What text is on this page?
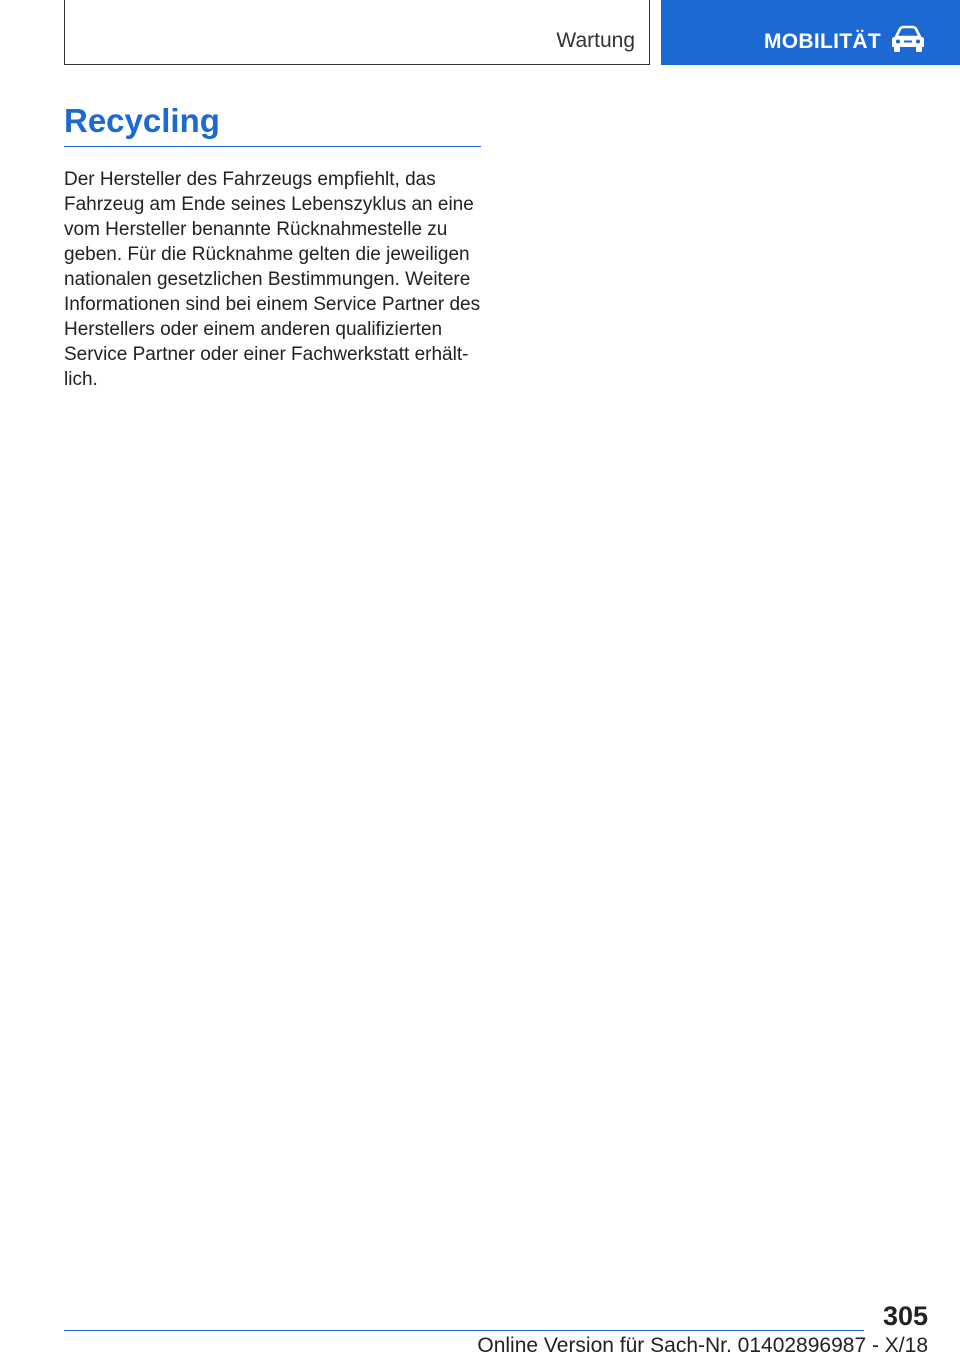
Wartung	MOBILITÄT
Recycling

Der Hersteller des Fahrzeugs empfiehlt, das Fahrzeug am Ende seines Lebenszyklus an eine vom Hersteller benannte Rücknahmestelle zu geben. Für die Rücknahme gelten die jeweiligen nationalen gesetzlichen Bestimmungen. Weitere Informationen sind bei einem Service Partner des Herstellers oder einem anderen qualifizierten Service Partner oder einer Fachwerkstatt erhältlich.

305
Online Version für Sach-Nr. 01402896987 - X/18
